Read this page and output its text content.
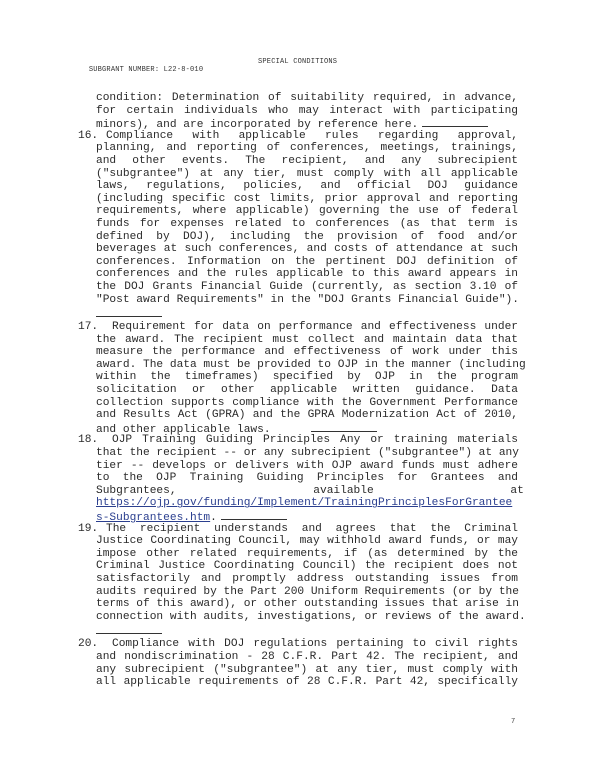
SUBGRANT NUMBER: L22-8-010

SPECIAL CONDITIONS

condition: Determination of suitability required, in advance,
for certain individuals who may interact with participating
minors), and are incorporated by reference here.
16. Compliance with applicable rules regarding approval,
planning, and reporting of conferences, meetings, trainings,
and other events. The recipient, and any subrecipient
("subgrantee") at any tier, must comply with all applicable
laws, regulations, policies, and official DOJ guidance
(including specific cost limits, prior approval and reporting
requirements, where applicable) governing the use of federal
funds for expenses related to conferences (as that term is
defined by DOJ), including the provision of food and/or
beverages at such conferences, and costs of attendance at such
conferences. Information on the pertinent DOJ definition of
conferences and the rules applicable to this award appears in
the DOJ Grants Financial Guide (currently, as section 3.10 of
"Post award Requirements" in the "DOJ Grants Financial Guide").
17.	Requirement for data on performance and effectiveness under
the award. The recipient must collect and maintain data that
measure the performance and effectiveness of work under this
award. The data must be provided to OJP in the manner (including
within the timeframes) specified by OJP in the program
solicitation or other applicable written guidance. Data
collection supports compliance with the Government Performance
and Results Act (GPRA) and the GPRA Modernization Act of 2010,
and other applicable laws.
18.	OJP Training Guiding Principles Any or training materials
that the recipient -- or any subrecipient ("subgrantee") at any
tier -- develops or delivers with OJP award funds must adhere
to the OJP Training Guiding Principles for Grantees and
Subgrantees, available at
https://ojp.gov/funding/Implement/TrainingPrinciplesForGrantee
s-Subgrantees.htm.
19. The recipient understands and agrees that the Criminal
Justice Coordinating Council, may withhold award funds, or may
impose other related requirements, if (as determined by the
Criminal Justice Coordinating Council) the recipient does not
satisfactorily and promptly address outstanding issues from
audits required by the Part 200 Uniform Requirements (or by the
terms of this award), or other outstanding issues that arise in
connection with audits, investigations, or reviews of the award.
20.	Compliance with DOJ regulations pertaining to civil rights
and nondiscrimination - 28 C.F.R. Part 42. The recipient, and
any subrecipient ("subgrantee") at any tier, must comply with
all applicable requirements of 28 C.F.R. Part 42, specifically
7
